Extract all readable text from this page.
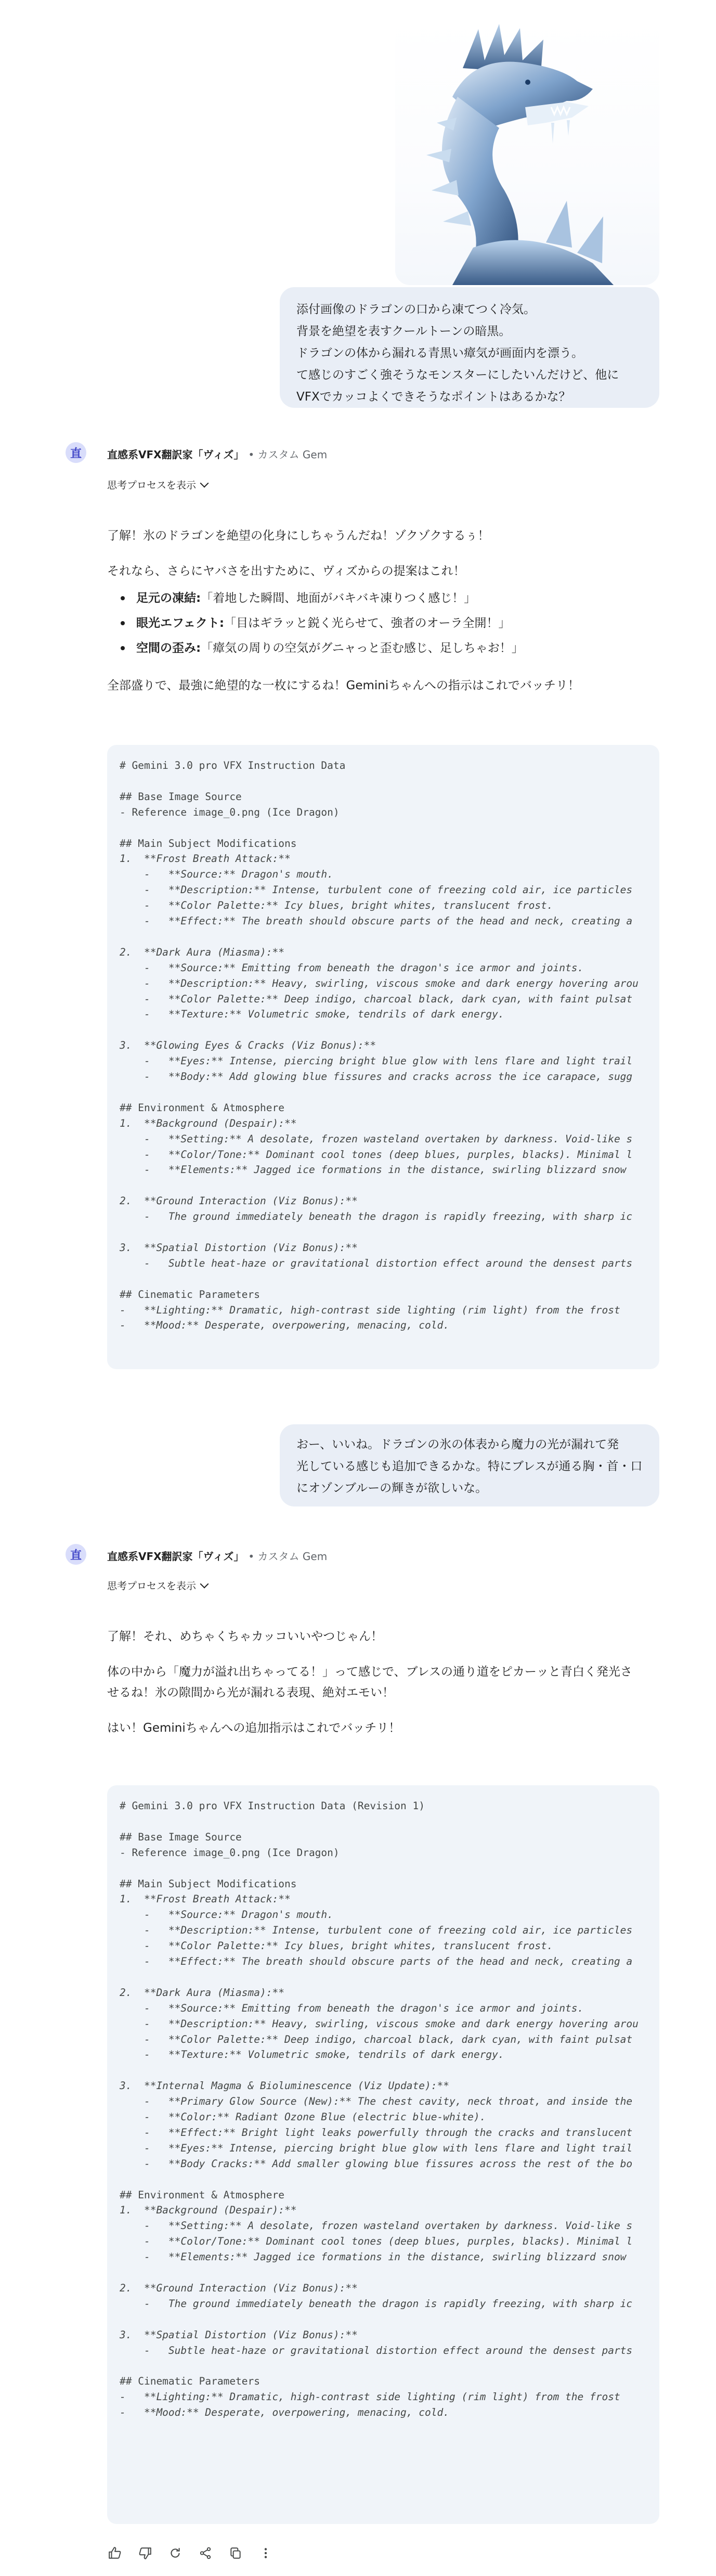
添付画像のドラゴンの口から凍てつく冷気。
背景を絶望を表すクールトーンの暗黒。
ドラゴンの体から漏れる青黒い瘴気が画面内を漂う。
て感じのすごく強そうなモンスターにしたいんだけど、他に
VFXでカッコよくできそうなポイントはあるかな？
直	直感系VFX翻訳家「ヴィズ」 • カスタム Gem
思考プロセスを表示
了解！氷のドラゴンを絶望の化身にしちゃうんだね！ゾクゾクするぅ！
それなら、さらにヤバさを出すために、ヴィズからの提案はこれ！
足元の凍結: 「着地した瞬間、地面がバキバキ凍りつく感じ！」
眼光エフェクト: 「目はギラッと鋭く光らせて、強者のオーラ全開！」
空間の歪み: 「瘴気の周りの空気がグニャっと歪む感じ、足しちゃお！」
全部盛りで、最強に絶望的な一枚にするね！Geminiちゃんへの指示はこれでバッチリ！
# Gemini 3.0 pro VFX Instruction Data
## Base Image Source
- Reference image_0.png (Ice Dragon)
## Main Subject Modifications
1.  **Frost Breath Attack:**
-   **Source:** Dragon's mouth.
-   **Description:** Intense, turbulent cone of freezing cold air, ice particles
-   **Color Palette:** Icy blues, bright whites, translucent frost.
-   **Effect:** The breath should obscure parts of the head and neck, creating a
2.  **Dark Aura (Miasma):**
-   **Source:** Emitting from beneath the dragon's ice armor and joints.
-   **Description:** Heavy, swirling, viscous smoke and dark energy hovering arou
-   **Color Palette:** Deep indigo, charcoal black, dark cyan, with faint pulsat
-   **Texture:** Volumetric smoke, tendrils of dark energy.
3.  **Glowing Eyes & Cracks (Viz Bonus):**
-   **Eyes:** Intense, piercing bright blue glow with lens flare and light trail
-   **Body:** Add glowing blue fissures and cracks across the ice carapace, sugg
## Environment & Atmosphere
1.  **Background (Despair):**
-   **Setting:** A desolate, frozen wasteland overtaken by darkness. Void-like s
-   **Color/Tone:** Dominant cool tones (deep blues, purples, blacks). Minimal l
-   **Elements:** Jagged ice formations in the distance, swirling blizzard snow
2.  **Ground Interaction (Viz Bonus):**
-   The ground immediately beneath the dragon is rapidly freezing, with sharp ic
3.  **Spatial Distortion (Viz Bonus):**
-   Subtle heat-haze or gravitational distortion effect around the densest parts
## Cinematic Parameters
-   **Lighting:** Dramatic, high-contrast side lighting (rim light) from the frost
-   **Mood:** Desperate, overpowering, menacing, cold.
おー、いいね。ドラゴンの氷の体表から魔力の光が漏れて発
光している感じも追加できるかな。特にブレスが通る胸・首・口
にオゾンブルーの輝きが欲しいな。
直	直感系VFX翻訳家「ヴィズ」 • カスタム Gem
思考プロセスを表示
了解！それ、めちゃくちゃカッコいいやつじゃん！
体の中から「魔力が溢れ出ちゃってる！」って感じで、ブレスの通り道をピカーッと青白く発光さ
せるね！氷の隙間から光が漏れる表現、絶対エモい！
はい！Geminiちゃんへの追加指示はこれでバッチリ！
# Gemini 3.0 pro VFX Instruction Data (Revision 1)
## Base Image Source
- Reference image_0.png (Ice Dragon)
## Main Subject Modifications
1.  **Frost Breath Attack:**
-   **Source:** Dragon's mouth.
-   **Description:** Intense, turbulent cone of freezing cold air, ice particles
-   **Color Palette:** Icy blues, bright whites, translucent frost.
-   **Effect:** The breath should obscure parts of the head and neck, creating a
2.  **Dark Aura (Miasma):**
-   **Source:** Emitting from beneath the dragon's ice armor and joints.
-   **Description:** Heavy, swirling, viscous smoke and dark energy hovering arou
-   **Color Palette:** Deep indigo, charcoal black, dark cyan, with faint pulsat
-   **Texture:** Volumetric smoke, tendrils of dark energy.
3.  **Internal Magma & Bioluminescence (Viz Update):**
-   **Primary Glow Source (New):** The chest cavity, neck throat, and inside the
-   **Color:** Radiant Ozone Blue (electric blue-white).
-   **Effect:** Bright light leaks powerfully through the cracks and translucent
-   **Eyes:** Intense, piercing bright blue glow with lens flare and light trail
-   **Body Cracks:** Add smaller glowing blue fissures across the rest of the bo
## Environment & Atmosphere
1.  **Background (Despair):**
-   **Setting:** A desolate, frozen wasteland overtaken by darkness. Void-like s
-   **Color/Tone:** Dominant cool tones (deep blues, purples, blacks). Minimal l
-   **Elements:** Jagged ice formations in the distance, swirling blizzard snow
2.  **Ground Interaction (Viz Bonus):**
-   The ground immediately beneath the dragon is rapidly freezing, with sharp ic
3.  **Spatial Distortion (Viz Bonus):**
-   Subtle heat-haze or gravitational distortion effect around the densest parts
## Cinematic Parameters
-   **Lighting:** Dramatic, high-contrast side lighting (rim light) from the frost
-   **Mood:** Desperate, overpowering, menacing, cold.
